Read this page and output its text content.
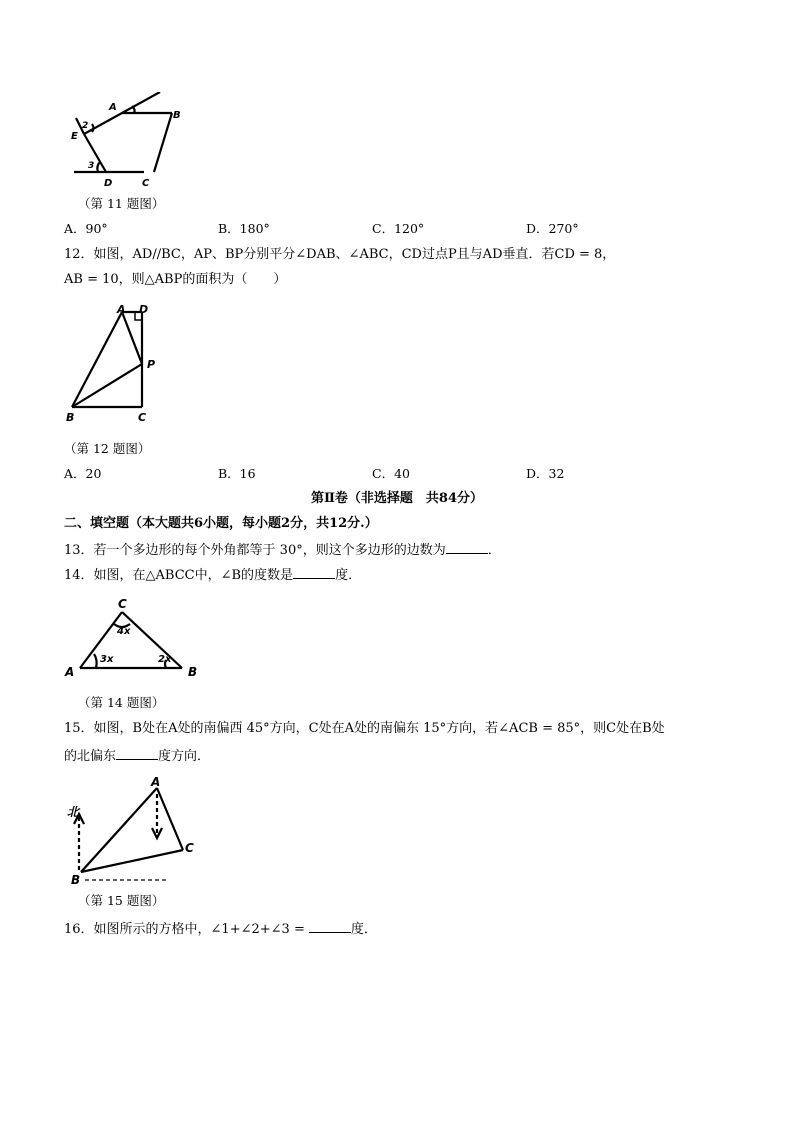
A
B
C
D
E
2
3
（第 11 题图）
A．90°	B．180°	C．120°	D．270°
12．如图，AD//BC，AP、BP分别平分∠DAB、∠ABC，CD过点P且与AD垂直．若CD = 8，
AB = 10，则△ABP的面积为（　　）
A D
P
B	C
（第 12 题图）
A．20	B．16	C．40	D．32
第Ⅱ卷（非选择题　共84分）
二、填空题（本大题共6小题，每小题2分，共12分.）
13．若一个多边形的每个外角都等于 30°，则这个多边形的边数为	．
14．如图，在△ABCC中，∠B的度数是	度．
C
A	B
4x
3x	2x
（第 14 题图）
15．如图，B处在A处的南偏西 45°方向，C处在A处的南偏东 15°方向，若∠ACB = 85°，则C处在B处
的北偏东	度方向．
北
A
C
B
（第 15 题图）
16．如图所示的方格中，∠1+∠2+∠3 =	度．
